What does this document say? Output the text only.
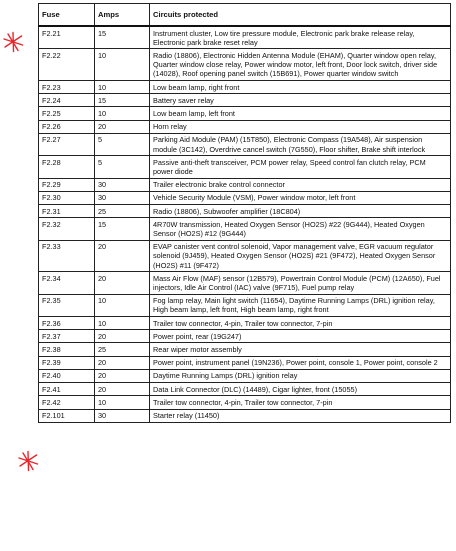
Fuse	Amps	Circuits protected
F2.21	15	Instrument cluster, Low tire pressure module, Electronic park brake release relay, Electronic park brake reset relay
F2.22	10	Radio (18806), Electronic Hidden Antenna Module (EHAM), Quarter window open relay, Quarter window close relay, Power window motor, left front, Door lock switch, driver side (14028), Roof opening panel switch (15B691), Power quarter window switch
F2.23	10	Low beam lamp, right front
F2.24	15	Battery saver relay
F2.25	10	Low beam lamp, left front
F2.26	20	Horn relay
F2.27	5	Parking Aid Module (PAM) (15T850), Electronic Compass (19A548), Air suspension module (3C142), Overdrive cancel switch (7G550), Floor shifter, Brake shift interlock
F2.28	5	Passive anti-theft transceiver, PCM power relay, Speed control fan clutch relay, PCM power diode
F2.29	30	Trailer electronic brake control connector
F2.30	30	Vehicle Security Module (VSM), Power window motor, left front
F2.31	25	Radio (18806), Subwoofer amplifier (18C804)
F2.32	15	4R70W transmission, Heated Oxygen Sensor (HO2S) #22 (9G444), Heated Oxygen Sensor (HO2S) #12 (9G444)
F2.33	20	EVAP canister vent control solenoid, Vapor management valve, EGR vacuum regulator solenoid (9J459), Heated Oxygen Sensor (HO2S) #21 (9F472), Heated Oxygen Sensor (HO2S) #11 (9F472)
F2.34	20	Mass Air Flow (MAF) sensor (12B579), Powertrain Control Module (PCM) (12A650), Fuel injectors, Idle Air Control (IAC) valve (9F715), Fuel pump relay
F2.35	10	Fog lamp relay, Main light switch (11654), Daytime Running Lamps (DRL) ignition relay, High beam lamp, left front, High beam lamp, right front
F2.36	10	Trailer tow connector, 4-pin, Trailer tow connector, 7-pin
F2.37	20	Power point, rear (19G247)
F2.38	25	Rear wiper motor assembly
F2.39	20	Power point, instrument panel (19N236), Power point, console 1, Power point, console 2
F2.40	20	Daytime Running Lamps (DRL) ignition relay
F2.41	20	Data Link Connector (DLC) (14489), Cigar lighter, front (15055)
F2.42	10	Trailer tow connector, 4-pin, Trailer tow connector, 7-pin
F2.101	30	Starter relay (11450)
